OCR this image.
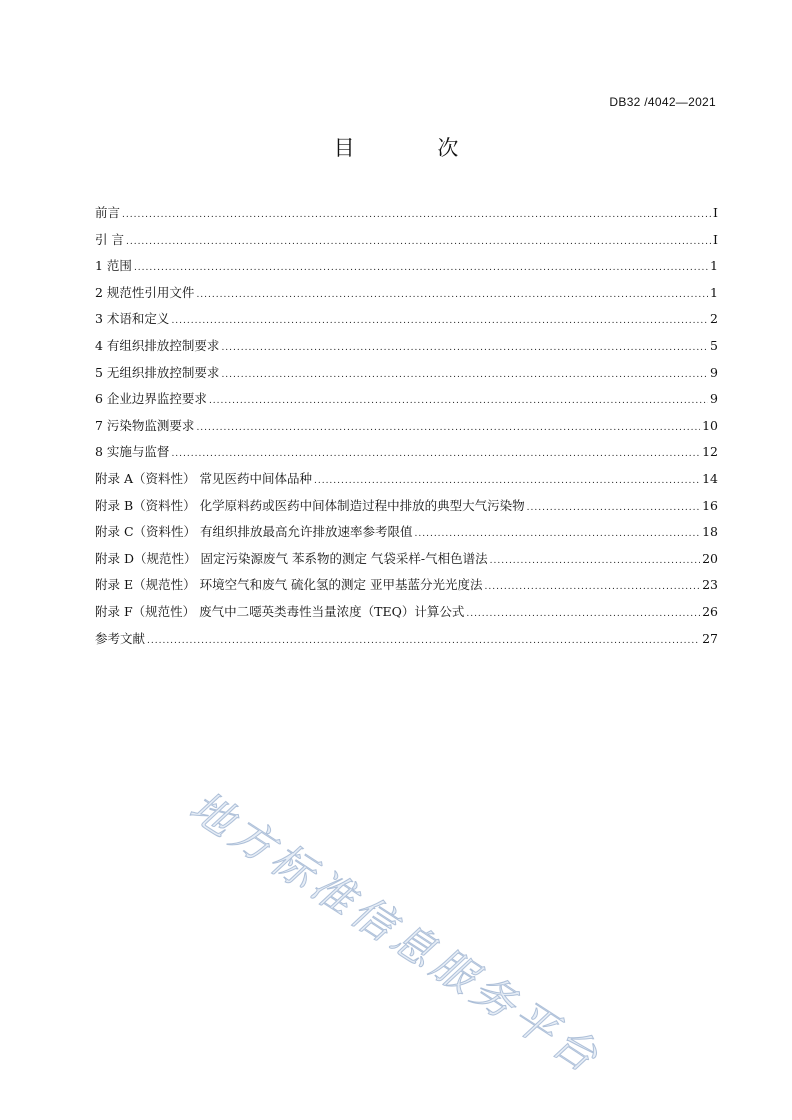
DB32 /4042—2021
目 次
前言 .....	I
引 言 .....	I
1 范围 .....	1
2 规范性引用文件 .....	1
3 术语和定义 .....	2
4 有组织排放控制要求 .....	5
5 无组织排放控制要求 .....	9
6 企业边界监控要求 .....	9
7 污染物监测要求 .....	10
8 实施与监督 .....	12
附录 A（资料性） 常见医药中间体品种 .....	14
附录 B（资料性） 化学原料药或医药中间体制造过程中排放的典型大气污染物 .....	16
附录 C（资料性） 有组织排放最高允许排放速率参考限值 .....	18
附录 D（规范性） 固定污染源废气 苯系物的测定 气袋采样-气相色谱法 .....	20
附录 E（规范性） 环境空气和废气 硫化氢的测定 亚甲基蓝分光光度法 .....	23
附录 F（规范性） 废气中二噁英类毒性当量浓度（TEQ）计算公式 .....	26
参考文献 .....	27
地方标准信息服务平台
